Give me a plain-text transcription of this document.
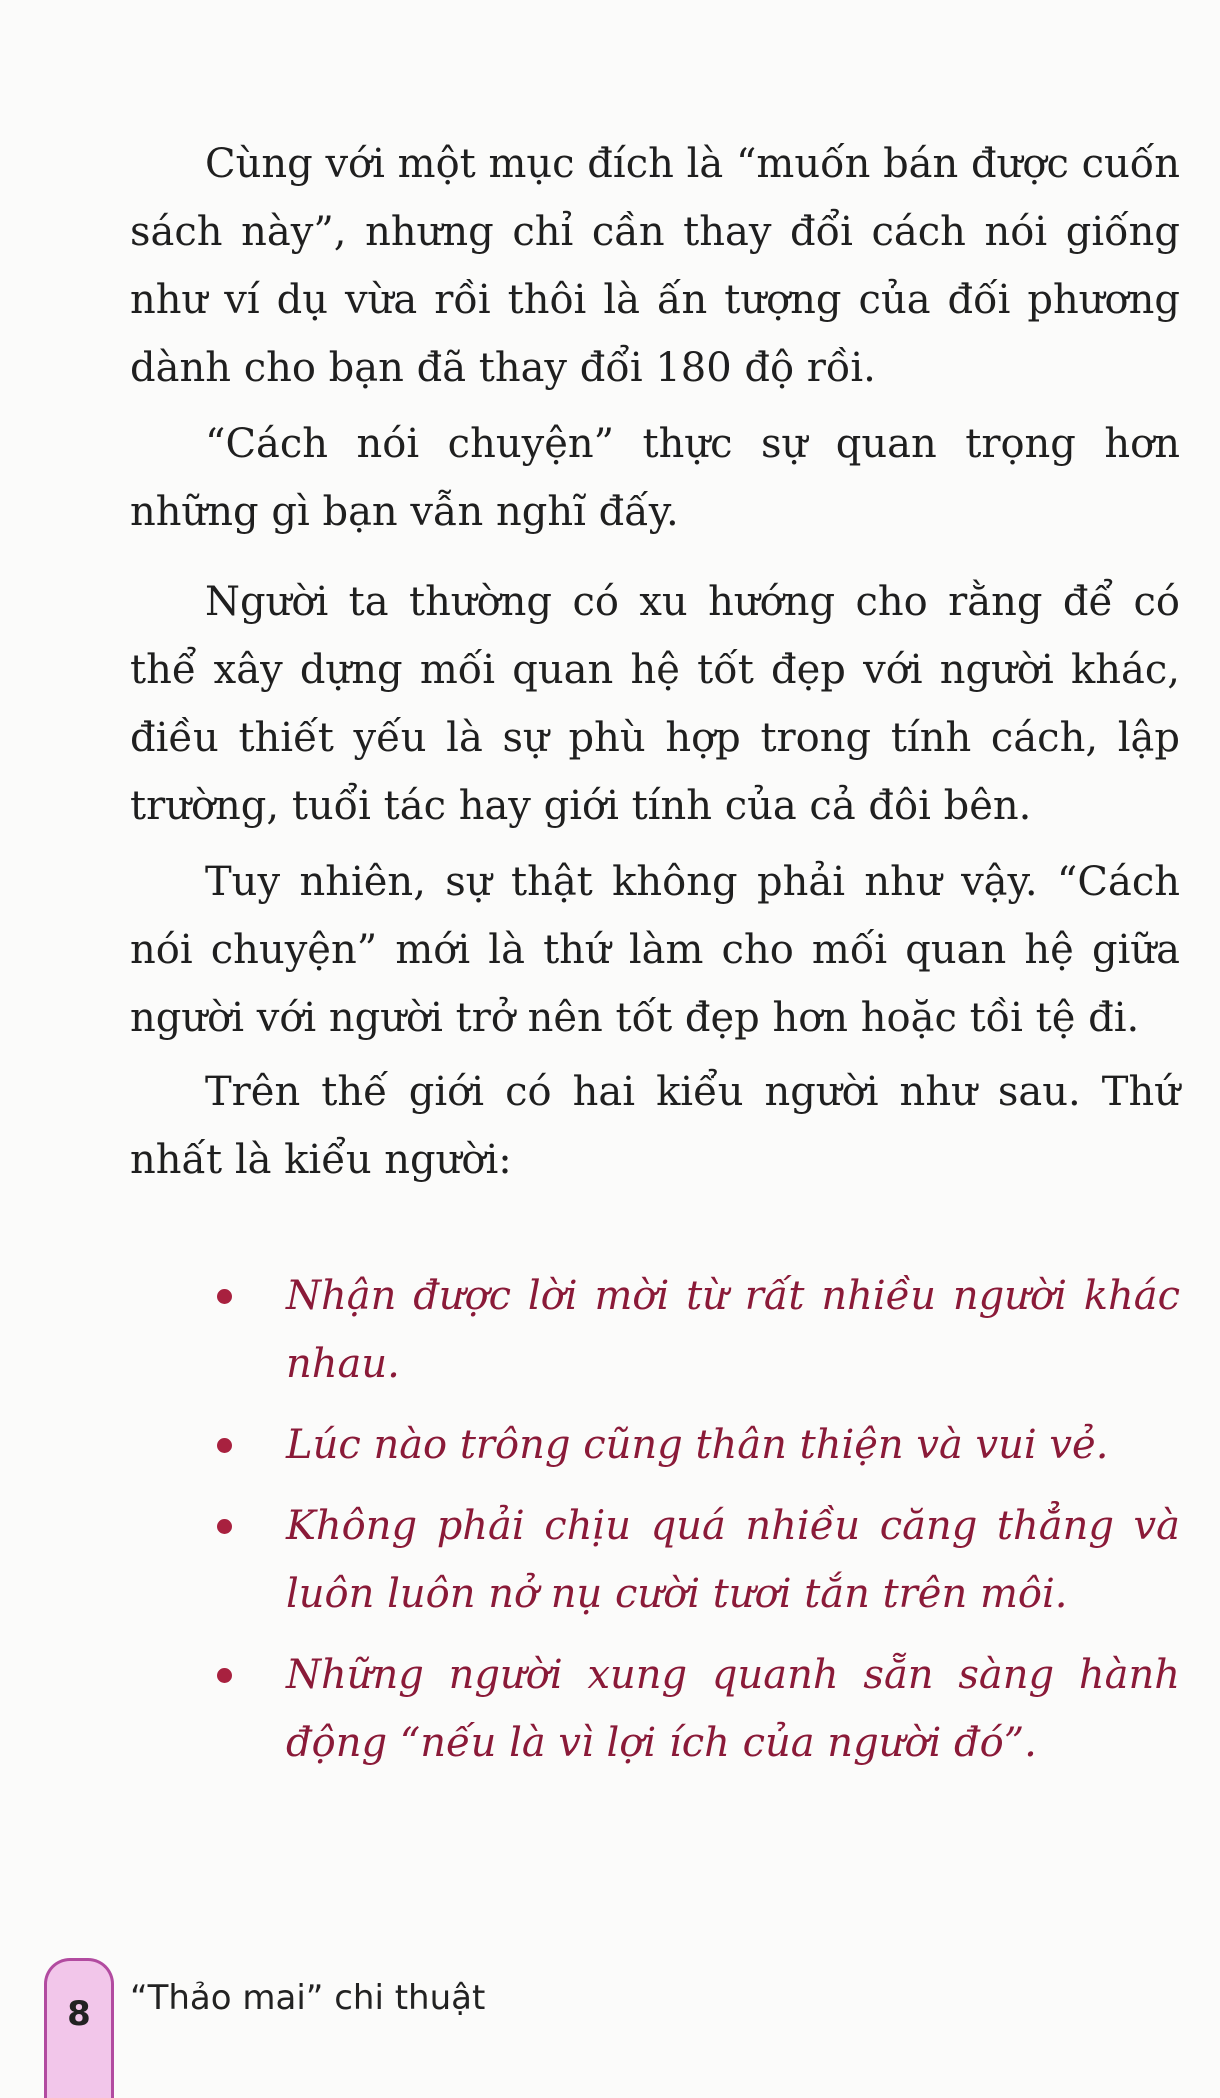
Cùng với một mục đích là “muốn bán được cuốn sách này”, nhưng chỉ cần thay đổi cách nói giống như ví dụ vừa rồi thôi là ấn tượng của đối phương dành cho bạn đã thay đổi 180 độ rồi.

“Cách nói chuyện” thực sự quan trọng hơn những gì bạn vẫn nghĩ đấy.

Người ta thường có xu hướng cho rằng để có thể xây dựng mối quan hệ tốt đẹp với người khác, điều thiết yếu là sự phù hợp trong tính cách, lập trường, tuổi tác hay giới tính của cả đôi bên.

Tuy nhiên, sự thật không phải như vậy. “Cách nói chuyện” mới là thứ làm cho mối quan hệ giữa người với người trở nên tốt đẹp hơn hoặc tồi tệ đi.

Trên thế giới có hai kiểu người như sau. Thứ nhất là kiểu người:

Nhận được lời mời từ rất nhiều người khác nhau.
Lúc nào trông cũng thân thiện và vui vẻ.
Không phải chịu quá nhiều căng thẳng và luôn luôn nở nụ cười tươi tắn trên môi.
Những người xung quanh sẵn sàng hành động “nếu là vì lợi ích của người đó”.
8	“Thảo mai” chi thuật
